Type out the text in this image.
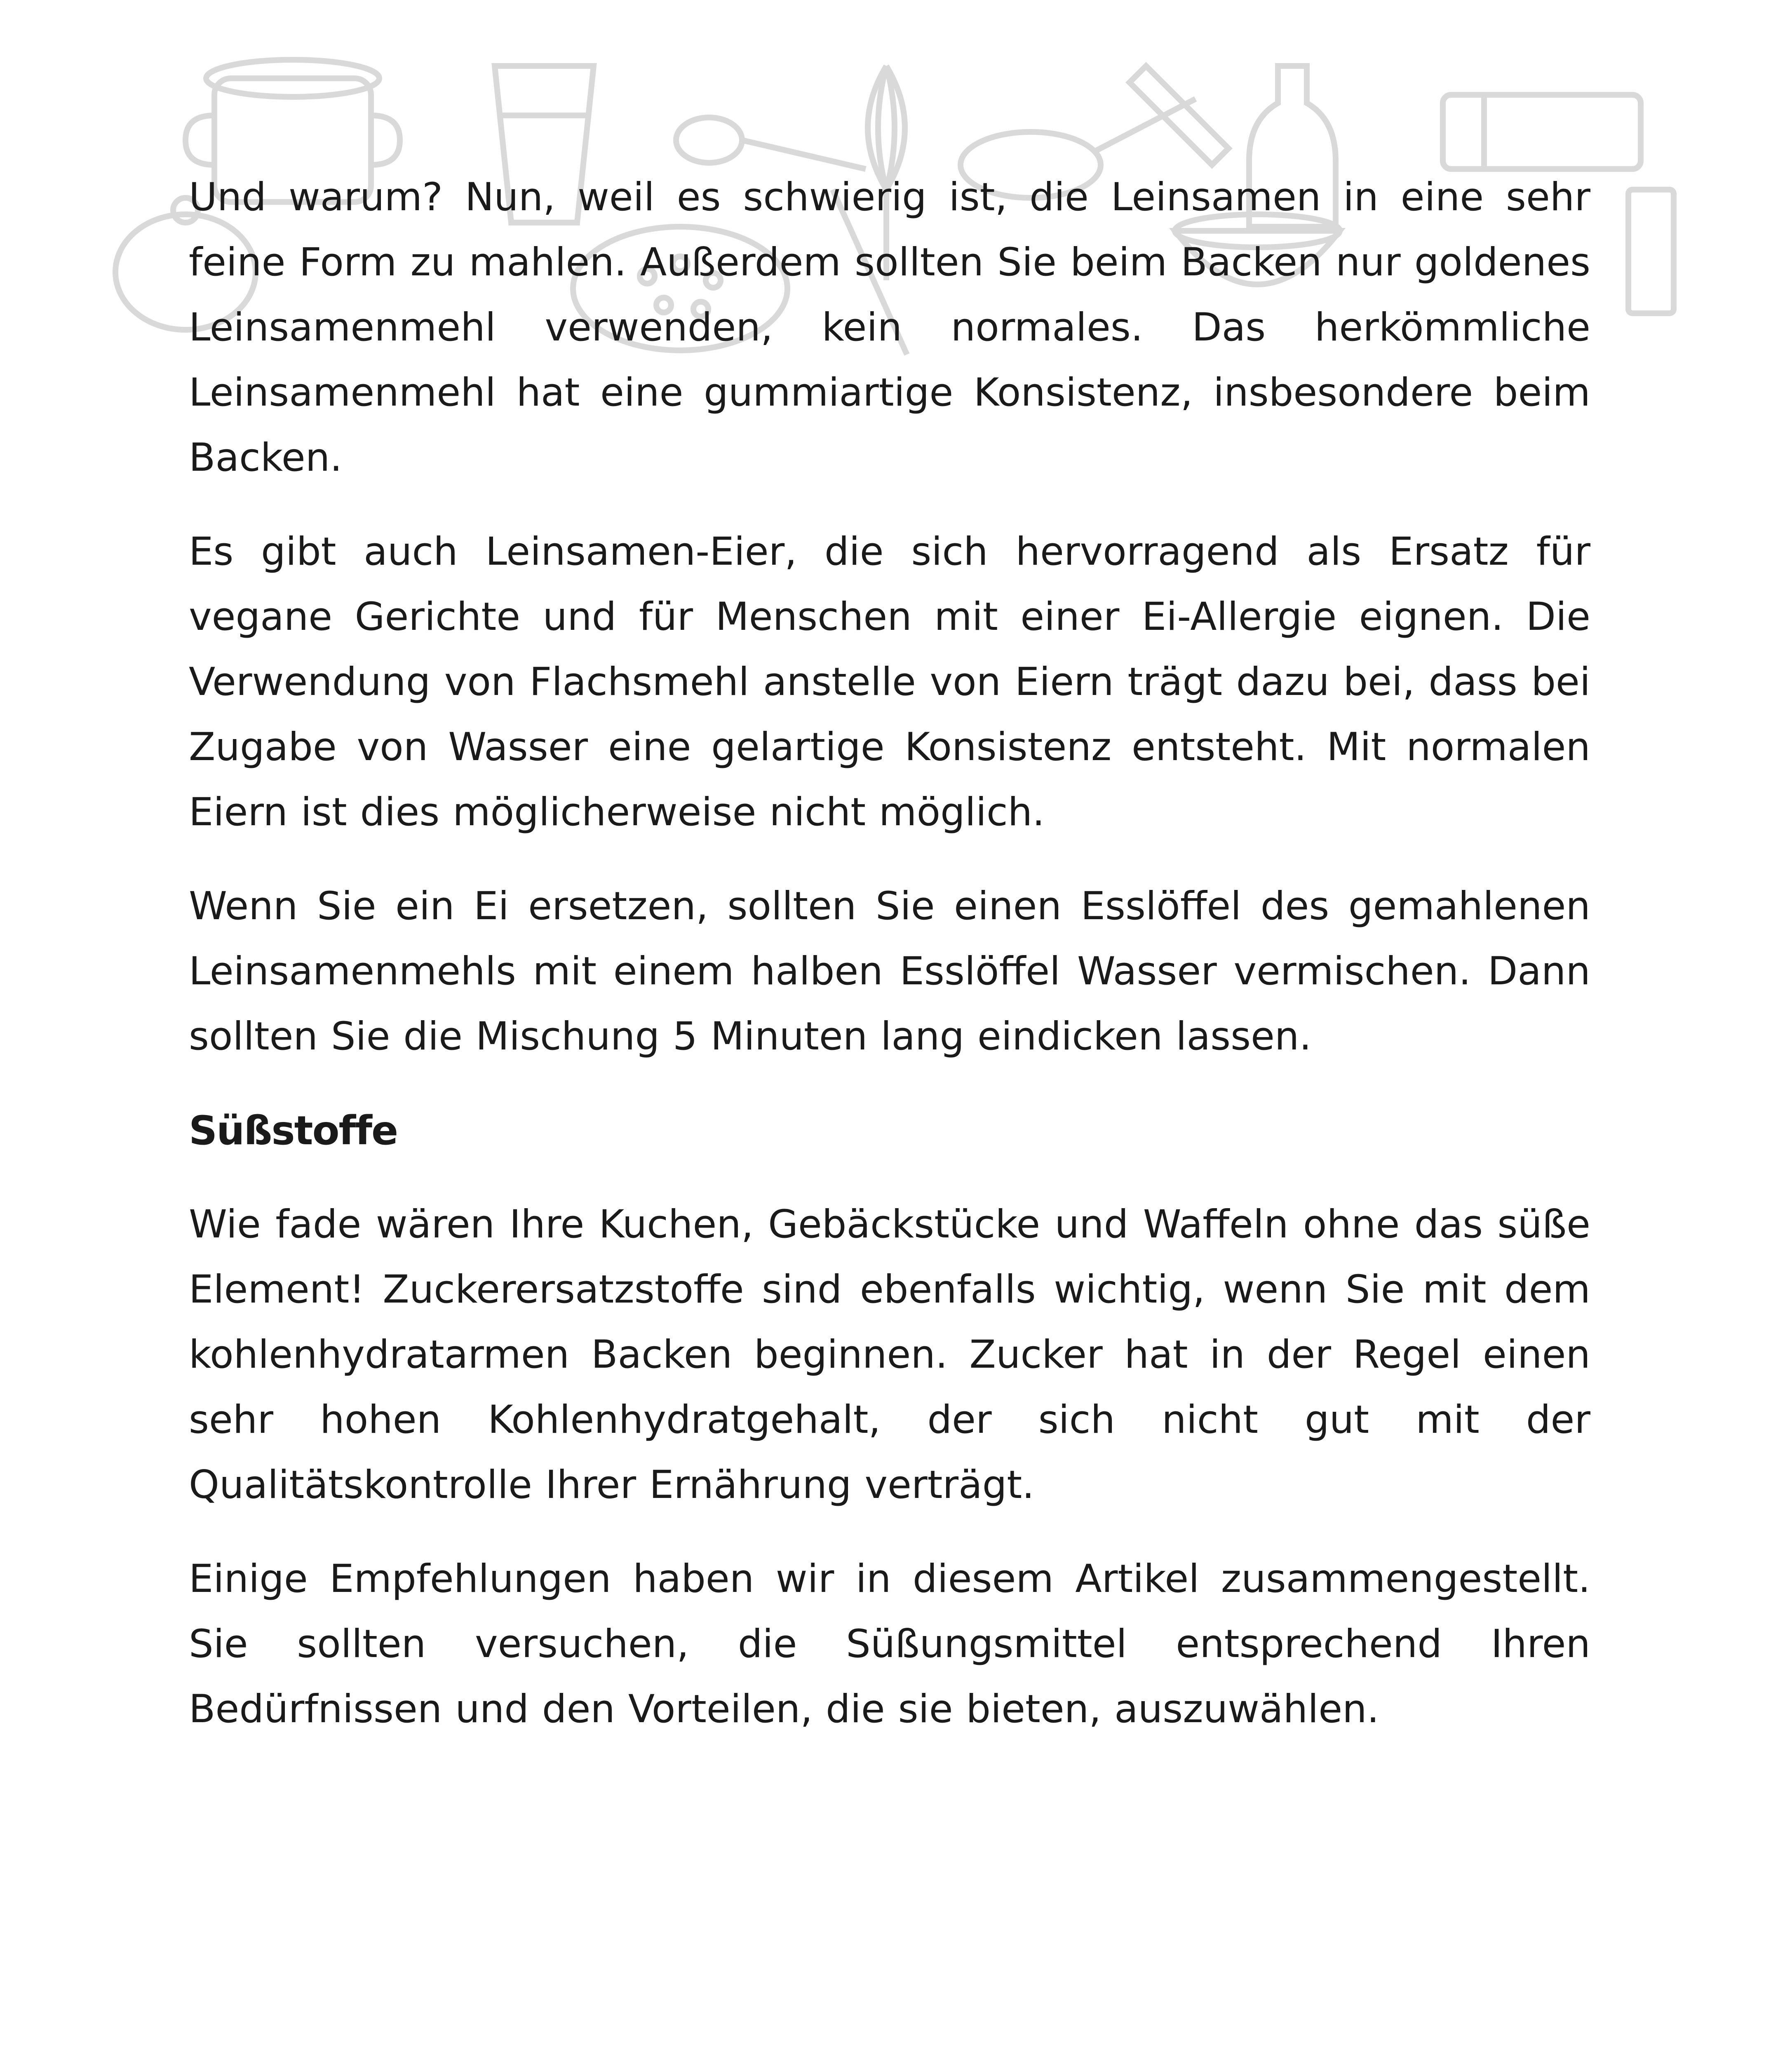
Und warum? Nun, weil es schwierig ist, die Leinsamen in eine sehr feine Form zu mahlen. Außerdem sollten Sie beim Backen nur goldenes Leinsamenmehl verwenden, kein normales. Das herkömmliche Leinsamenmehl hat eine gummiartige Konsistenz, insbesondere beim Backen.

Es gibt auch Leinsamen-Eier, die sich hervorragend als Ersatz für vegane Gerichte und für Menschen mit einer Ei-Allergie eignen. Die Verwendung von Flachsmehl anstelle von Eiern trägt dazu bei, dass bei Zugabe von Wasser eine gelartige Konsistenz entsteht. Mit normalen Eiern ist dies möglicherweise nicht möglich.

Wenn Sie ein Ei ersetzen, sollten Sie einen Esslöffel des gemahlenen Leinsamenmehls mit einem halben Esslöffel Wasser vermischen. Dann sollten Sie die Mischung 5 Minuten lang eindicken lassen.

Süßstoffe

Wie fade wären Ihre Kuchen, Gebäckstücke und Waffeln ohne das süße Element! Zuckerersatzstoffe sind ebenfalls wichtig, wenn Sie mit dem kohlenhydratarmen Backen beginnen. Zucker hat in der Regel einen sehr hohen Kohlenhydratgehalt, der sich nicht gut mit der Qualitätskontrolle Ihrer Ernährung verträgt.

Einige Empfehlungen haben wir in diesem Artikel zusammengestellt. Sie sollten versuchen, die Süßungsmittel entsprechend Ihren Bedürfnissen und den Vorteilen, die sie bieten, auszuwählen.
